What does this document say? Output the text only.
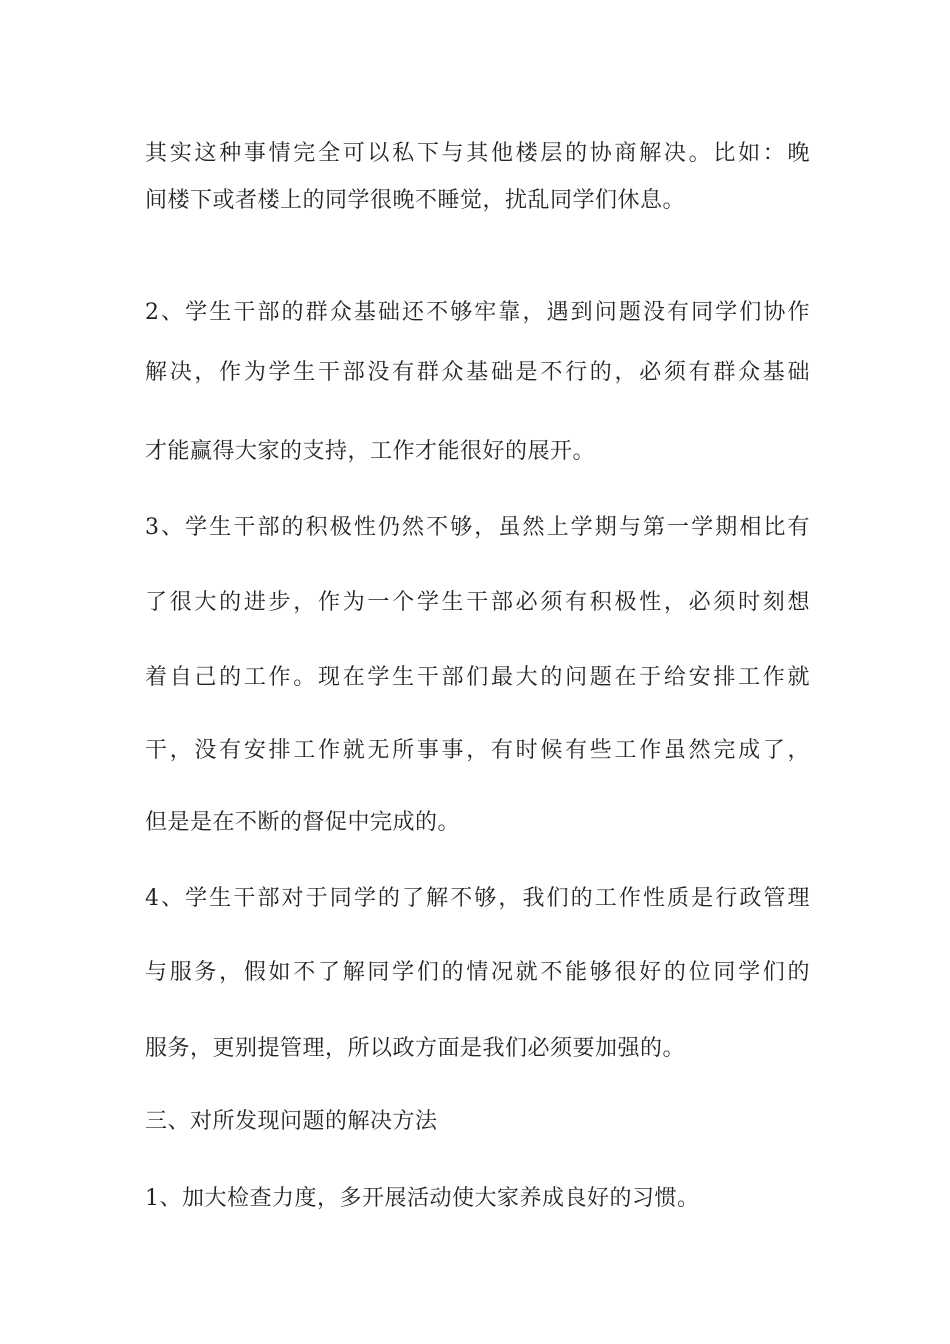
其实这种事情完全可以私下与其他楼层的协商解决。比如：晚
间楼下或者楼上的同学很晚不睡觉，扰乱同学们休息。
2、学生干部的群众基础还不够牢靠，遇到问题没有同学们协作
解决，作为学生干部没有群众基础是不行的，必须有群众基础
才能赢得大家的支持，工作才能很好的展开。
3、学生干部的积极性仍然不够，虽然上学期与第一学期相比有
了很大的进步，作为一个学生干部必须有积极性，必须时刻想
着自己的工作。现在学生干部们最大的问题在于给安排工作就
干，没有安排工作就无所事事，有时候有些工作虽然完成了，
但是是在不断的督促中完成的。
4、学生干部对于同学的了解不够，我们的工作性质是行政管理
与服务，假如不了解同学们的情况就不能够很好的位同学们的
服务，更别提管理，所以政方面是我们必须要加强的。
三、对所发现问题的解决方法
1、加大检查力度，多开展活动使大家养成良好的习惯。
